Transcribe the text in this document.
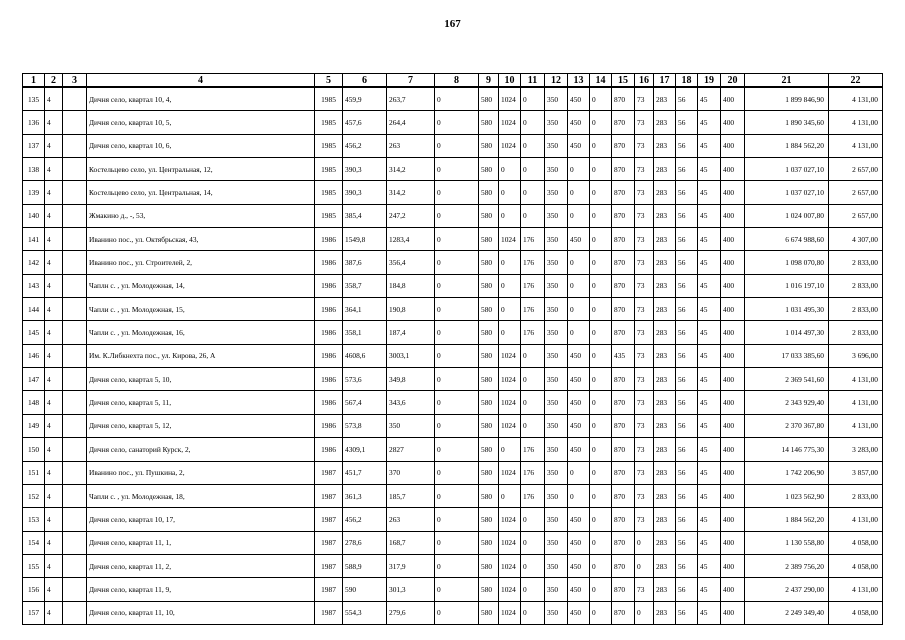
167
1	2	3	4	5	6	7	8	9	10	11	12	13	14	15	16	17	18	19	20	21	22
135	4		Дичня село, квартал 10, 4,	1985	459,9	263,7	0	580	1024	0	350	450	0	870	73	283	56	45	400	1 899 846,90	4 131,00
136	4		Дичня село, квартал 10, 5,	1985	457,6	264,4	0	580	1024	0	350	450	0	870	73	283	56	45	400	1 890 345,60	4 131,00
137	4		Дичня село, квартал 10, 6,	1985	456,2	263	0	580	1024	0	350	450	0	870	73	283	56	45	400	1 884 562,20	4 131,00
138	4		Костельцево село, ул. Центральная, 12,	1985	390,3	314,2	0	580	0	0	350	0	0	870	73	283	56	45	400	1 037 027,10	2 657,00
139	4		Костельцево село, ул. Центральная, 14,	1985	390,3	314,2	0	580	0	0	350	0	0	870	73	283	56	45	400	1 037 027,10	2 657,00
140	4		Жмакино д., -, 53,	1985	385,4	247,2	0	580	0	0	350	0	0	870	73	283	56	45	400	1 024 007,80	2 657,00
141	4		Иванино пос., ул. Октябрьская, 43,	1986	1549,8	1283,4	0	580	1024	176	350	450	0	870	73	283	56	45	400	6 674 988,60	4 307,00
142	4		Иванино пос., ул. Строителей, 2,	1986	387,6	356,4	0	580	0	176	350	0	0	870	73	283	56	45	400	1 098 070,80	2 833,00
143	4		Чаплн с. , ул. Молодежная, 14,	1986	358,7	184,8	0	580	0	176	350	0	0	870	73	283	56	45	400	1 016 197,10	2 833,00
144	4		Чапли с. , ул. Молодежная, 15,	1986	364,1	190,8	0	580	0	176	350	0	0	870	73	283	56	45	400	1 031 495,30	2 833,00
145	4		Чапли с. , ул. Молодежная, 16,	1986	358,1	187,4	0	580	0	176	350	0	0	870	73	283	56	45	400	1 014 497,30	2 833,00
146	4		Им. К.Либкнехта пос., ул. Кирова, 26, А	1986	4608,6	3003,1	0	580	1024	0	350	450	0	435	73	283	56	45	400	17 033 385,60	3 696,00
147	4		Дичня село, квартал 5, 10,	1986	573,6	349,8	0	580	1024	0	350	450	0	870	73	283	56	45	400	2 369 541,60	4 131,00
148	4		Дичня село, квартал 5, 11,	1986	567,4	343,6	0	580	1024	0	350	450	0	870	73	283	56	45	400	2 343 929,40	4 131,00
149	4		Дичня село, квартал 5, 12,	1986	573,8	350	0	580	1024	0	350	450	0	870	73	283	56	45	400	2 370 367,80	4 131,00
150	4		Дичня село, санаторий Курск, 2,	1986	4309,1	2827	0	580	0	176	350	450	0	870	73	283	56	45	400	14 146 775,30	3 283,00
151	4		Иванино пос., ул. Пушкина, 2,	1987	451,7	370	0	580	1024	176	350	0	0	870	73	283	56	45	400	1 742 206,90	3 857,00
152	4		Чапли с. , ул. Молодежная, 18,	1987	361,3	185,7	0	580	0	176	350	0	0	870	73	283	56	45	400	1 023 562,90	2 833,00
153	4		Дичня село, квартал 10, 17,	1987	456,2	263	0	580	1024	0	350	450	0	870	73	283	56	45	400	1 884 562,20	4 131,00
154	4		Дичня село, квартал 11, 1,	1987	278,6	168,7	0	580	1024	0	350	450	0	870	0	283	56	45	400	1 130 558,80	4 058,00
155	4		Дичня село, квартал 11, 2,	1987	588,9	317,9	0	580	1024	0	350	450	0	870	0	283	56	45	400	2 389 756,20	4 058,00
156	4		Дичня село, квартал 11, 9,	1987	590	301,3	0	580	1024	0	350	450	0	870	73	283	56	45	400	2 437 290,00	4 131,00
157	4		Дичня село, квартал 11, 10,	1987	554,3	279,6	0	580	1024	0	350	450	0	870	0	283	56	45	400	2 249 349,40	4 058,00
